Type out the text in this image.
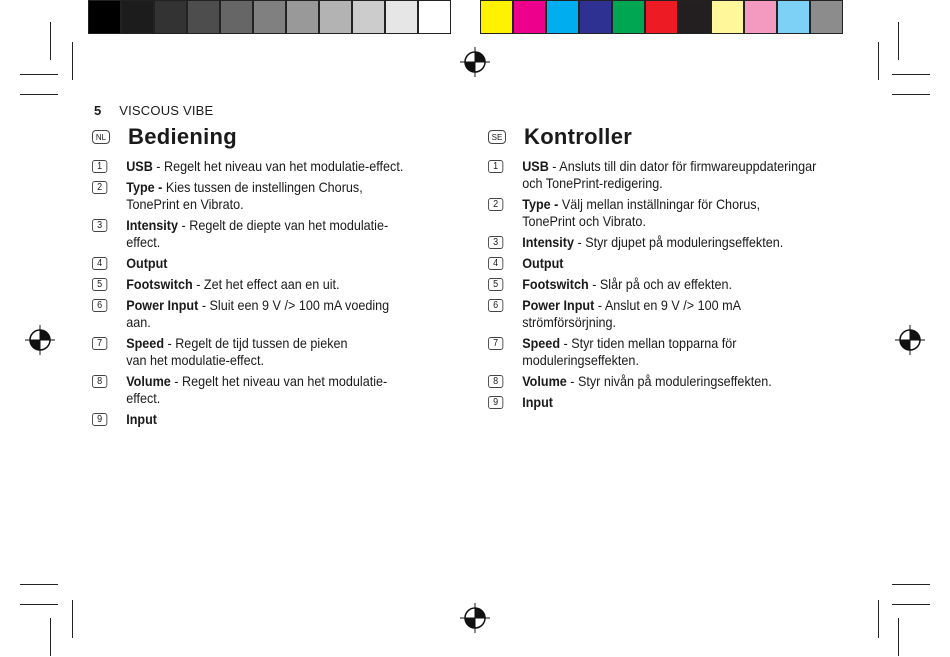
5 VISCOUS VIBE
NL Bediening
1	USB - Regelt het niveau van het modulatie-effect.
2	Type - Kies tussen de instellingen Chorus,
TonePrint en Vibrato.
3	Intensity - Regelt de diepte van het modulatie-effect.
4	Output
5	Footswitch - Zet het effect aan en uit.
6	Power Input - Sluit een 9 V /> 100 mA voeding aan.
7	Speed - Regelt de tijd tussen de pieken
van het modulatie-effect.
8	Volume - Regelt het niveau van het modulatie-effect.
9	Input
SE Kontroller
1	USB - Ansluts till din dator för firmwareuppdateringar
och TonePrint-redigering.
2	Type - Välj mellan inställningar för Chorus,
TonePrint och Vibrato.
3	Intensity - Styr djupet på moduleringseffekten.
4	Output
5	Footswitch - Slår på och av effekten.
6	Power Input - Anslut en 9 V /> 100 mA strömförsörjning.
7	Speed - Styr tiden mellan topparna för
moduleringseffekten.
8	Volume - Styr nivån på moduleringseffekten.
9	Input
